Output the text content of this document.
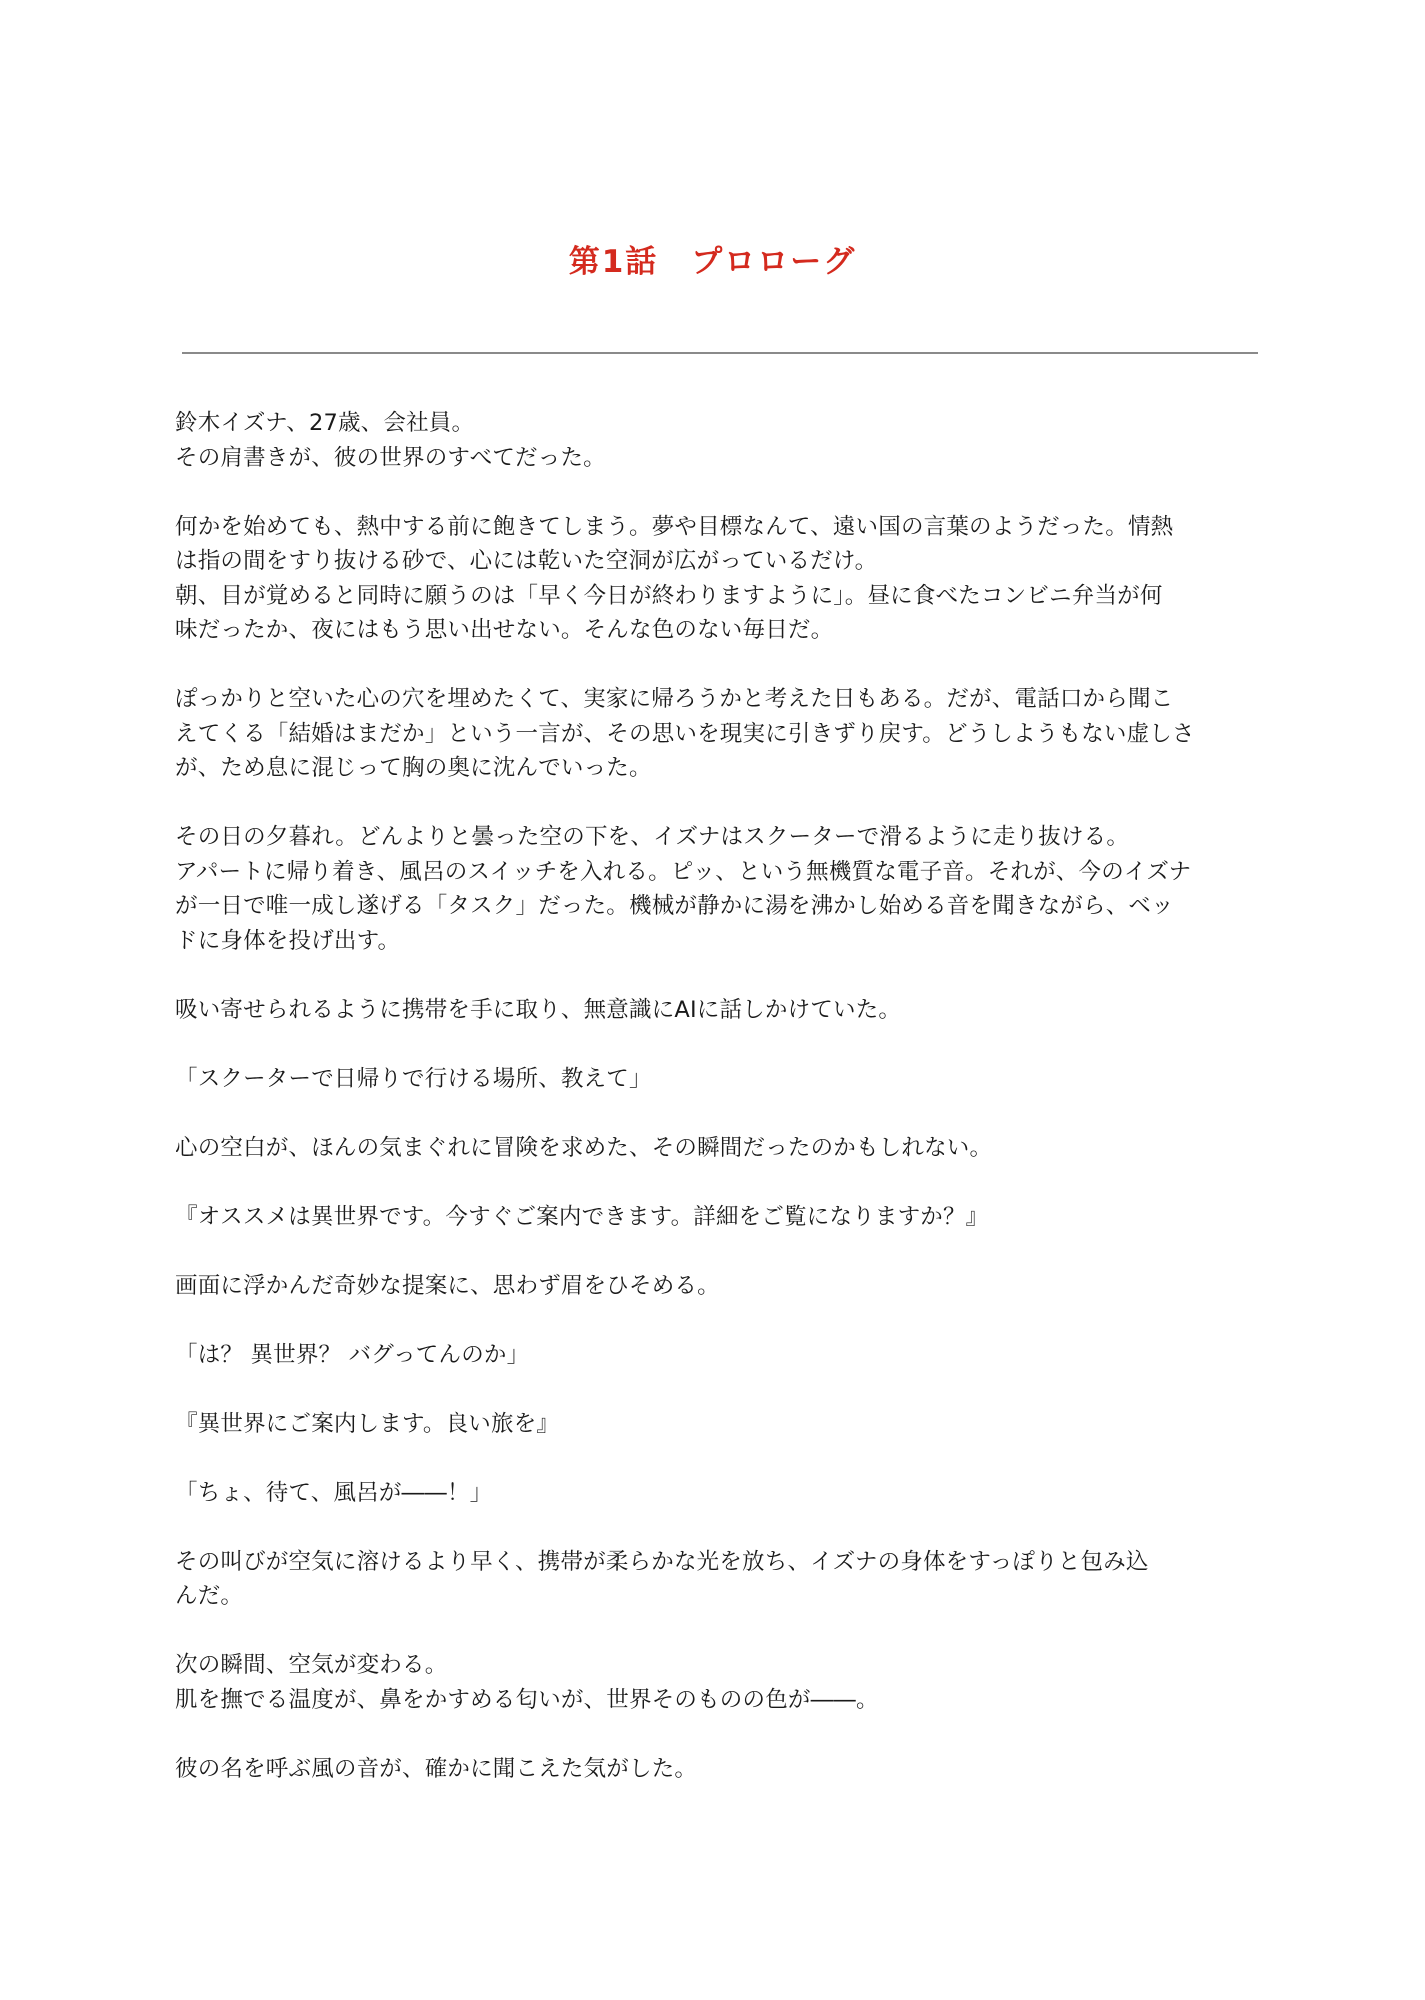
第1話　プロローグ
鈴木イズナ、27歳、会社員。
その肩書きが、彼の世界のすべてだった。
何かを始めても、熱中する前に飽きてしまう。夢や目標なんて、遠い国の言葉のようだった。情熱
は指の間をすり抜ける砂で、心には乾いた空洞が広がっているだけ。
朝、目が覚めると同時に願うのは「早く今日が終わりますように」。昼に食べたコンビニ弁当が何
味だったか、夜にはもう思い出せない。そんな色のない毎日だ。
ぽっかりと空いた心の穴を埋めたくて、実家に帰ろうかと考えた日もある。だが、電話口から聞こ
えてくる「結婚はまだか」という一言が、その思いを現実に引きずり戻す。どうしようもない虚しさ
が、ため息に混じって胸の奥に沈んでいった。
その日の夕暮れ。どんよりと曇った空の下を、イズナはスクーターで滑るように走り抜ける。
アパートに帰り着き、風呂のスイッチを入れる。ピッ、という無機質な電子音。それが、今のイズナ
が一日で唯一成し遂げる「タスク」だった。機械が静かに湯を沸かし始める音を聞きながら、ベッ
ドに身体を投げ出す。
吸い寄せられるように携帯を手に取り、無意識にAIに話しかけていた。
「スクーターで日帰りで行ける場所、教えて」
心の空白が、ほんの気まぐれに冒険を求めた、その瞬間だったのかもしれない。
『オススメは異世界です。今すぐご案内できます。詳細をご覧になりますか？』
画面に浮かんだ奇妙な提案に、思わず眉をひそめる。
「は？ 異世界？ バグってんのか」
『異世界にご案内します。良い旅を』
「ちょ、待て、風呂が――！」
その叫びが空気に溶けるより早く、携帯が柔らかな光を放ち、イズナの身体をすっぽりと包み込
んだ。
次の瞬間、空気が変わる。
肌を撫でる温度が、鼻をかすめる匂いが、世界そのものの色が――。
彼の名を呼ぶ風の音が、確かに聞こえた気がした。
